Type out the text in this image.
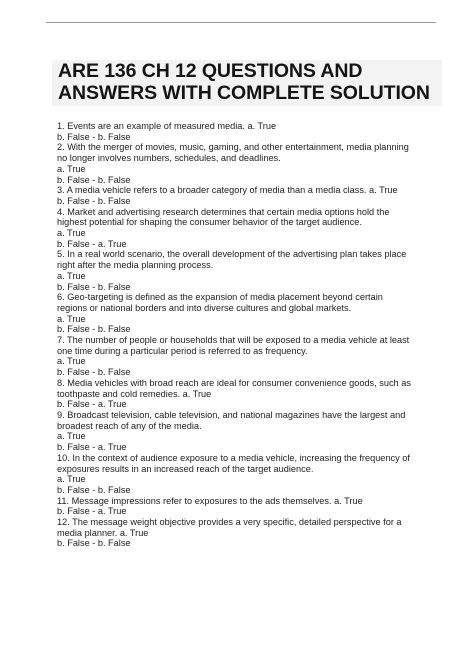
ARE 136 CH 12 QUESTIONS AND
ANSWERS WITH COMPLETE SOLUTION
1. Events are an example of measured media. a. True
b. False - b. False
2. With the merger of movies, music, gaming, and other entertainment, media planning
no longer involves numbers, schedules, and deadlines.
a. True
b. False - b. False
3. A media vehicle refers to a broader category of media than a media class. a. True
b. False - b. False
4. Market and advertising research determines that certain media options hold the
highest potential for shaping the consumer behavior of the target audience.
a. True
b. False - a. True
5. In a real world scenario, the overall development of the advertising plan takes place
right after the media planning process.
a. True
b. False - b. False
6. Geo-targeting is defined as the expansion of media placement beyond certain
regions or national borders and into diverse cultures and global markets.
a. True
b. False - b. False
7. The number of people or households that will be exposed to a media vehicle at least
one time during a particular period is referred to as frequency.
a. True
b. False - b. False
8. Media vehicles with broad reach are ideal for consumer convenience goods, such as
toothpaste and cold remedies. a. True
b. False - a. True
9. Broadcast television, cable television, and national magazines have the largest and
broadest reach of any of the media.
a. True
b. False - a. True
10. In the context of audience exposure to a media vehicle, increasing the frequency of
exposures results in an increased reach of the target audience.
a. True
b. False - b. False
11. Message impressions refer to exposures to the ads themselves. a. True
b. False - a. True
12. The message weight objective provides a very specific, detailed perspective for a
media planner. a. True
b. False - b. False
